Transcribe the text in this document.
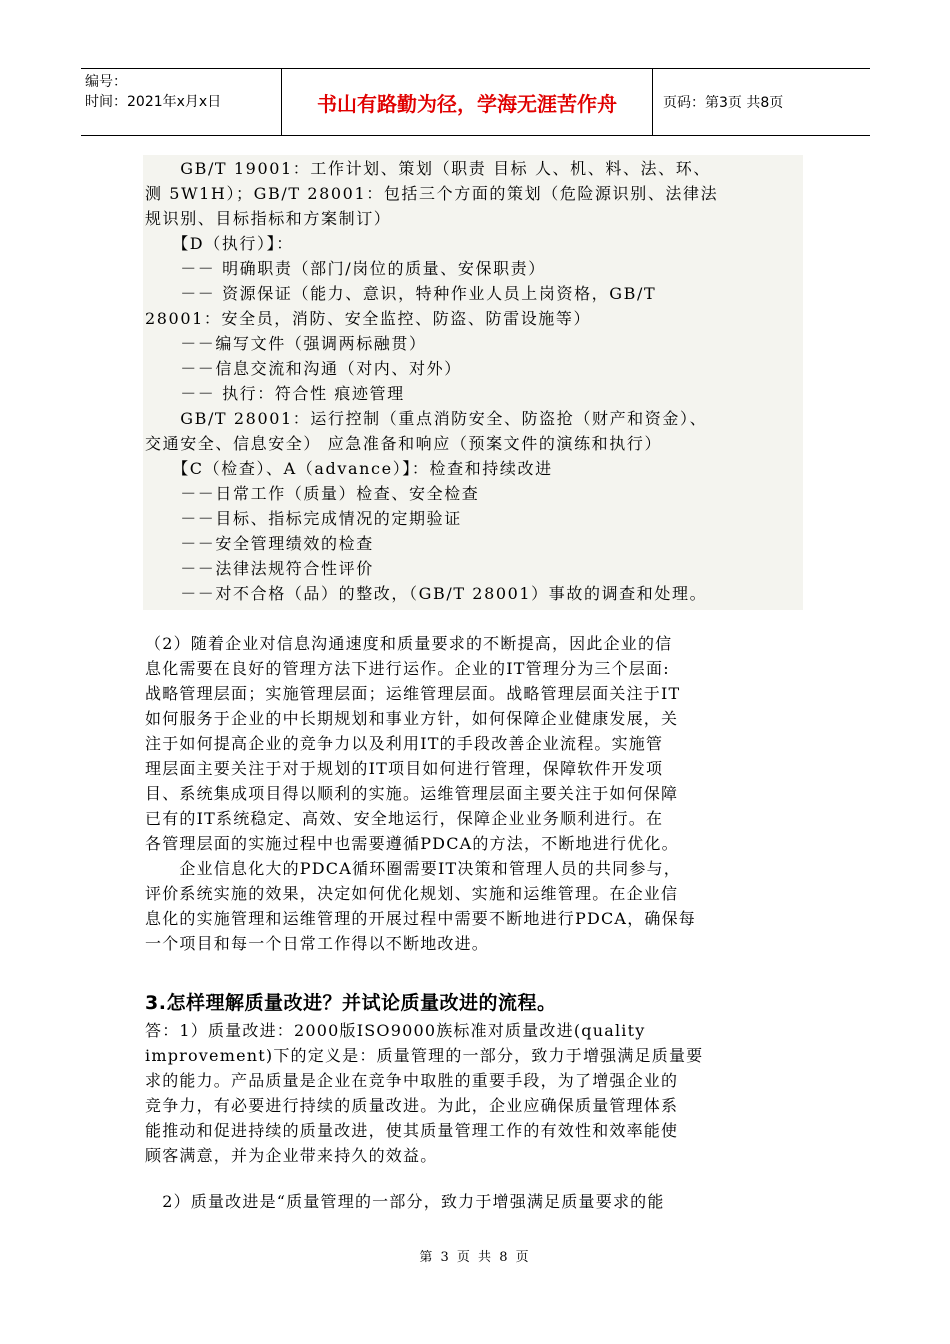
编号：
时间：2021年x月x日	书山有路勤为径，学海无涯苦作舟	页码：第3页 共8页
　　GB/T 19001：工作计划、策划（职责 目标 人、机、料、法、环、
测 5W1H）；GB/T 28001：包括三个方面的策划（危险源识别、法律法
规识别、目标指标和方案制订）
　　【D（执行）】：
　　－－ 明确职责（部门/岗位的质量、安保职责）
　　－－ 资源保证（能力、意识，特种作业人员上岗资格，GB/T
28001：安全员，消防、安全监控、防盗、防雷设施等）
　　－－编写文件（强调两标融贯）
　　－－信息交流和沟通（对内、对外）
　　－－ 执行：符合性 痕迹管理
　　GB/T 28001：运行控制（重点消防安全、防盗抢（财产和资金）、
交通安全、信息安全） 应急准备和响应（预案文件的演练和执行）
　　【C（检查）、A（advance）】：检查和持续改进
　　－－日常工作（质量）检查、安全检查
　　－－目标、指标完成情况的定期验证
　　－－安全管理绩效的检查
　　－－法律法规符合性评价
　　－－对不合格（品）的整改，（GB/T 28001）事故的调查和处理。
（2）随着企业对信息沟通速度和质量要求的不断提高，因此企业的信
息化需要在良好的管理方法下进行运作。企业的IT管理分为三个层面:
战略管理层面；实施管理层面；运维管理层面。战略管理层面关注于IT
如何服务于企业的中长期规划和事业方针，如何保障企业健康发展，关
注于如何提高企业的竞争力以及利用IT的手段改善企业流程。实施管
理层面主要关注于对于规划的IT项目如何进行管理，保障软件开发项
目、系统集成项目得以顺利的实施。运维管理层面主要关注于如何保障
已有的IT系统稳定、高效、安全地运行，保障企业业务顺利进行。在
各管理层面的实施过程中也需要遵循PDCA的方法，不断地进行优化。
　　企业信息化大的PDCA循环圈需要IT决策和管理人员的共同参与，
评价系统实施的效果，决定如何优化规划、实施和运维管理。在企业信
息化的实施管理和运维管理的开展过程中需要不断地进行PDCA，确保每
一个项目和每一个日常工作得以不断地改进。
3.怎样理解质量改进？并试论质量改进的流程。
答：1）质量改进：2000版ISO9000族标准对质量改进(quality
improvement)下的定义是：质量管理的一部分，致力于增强满足质量要
求的能力。产品质量是企业在竞争中取胜的重要手段，为了增强企业的
竞争力，有必要进行持续的质量改进。为此，企业应确保质量管理体系
能推动和促进持续的质量改进，使其质量管理工作的有效性和效率能使
顾客满意，并为企业带来持久的效益。
　2）质量改进是“质量管理的一部分，致力于增强满足质量要求的能
第 3 页 共 8 页
